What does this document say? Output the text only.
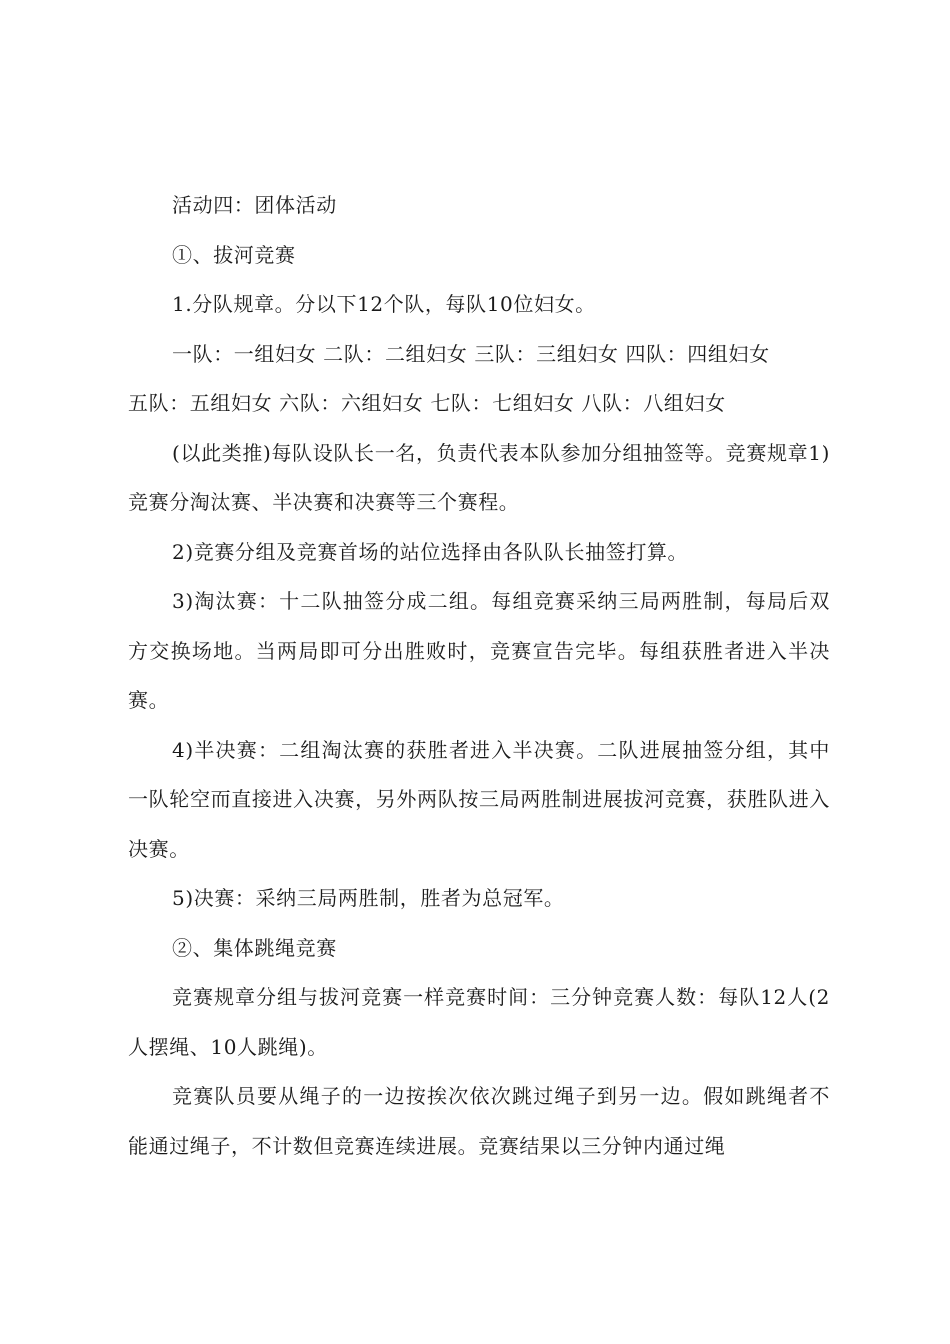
活动四：团体活动

①、拔河竞赛

1.分队规章。分以下12个队，每队10位妇女。

一队：一组妇女 二队：二组妇女 三队：三组妇女 四队：四组妇女

五队：五组妇女 六队：六组妇女 七队：七组妇女 八队：八组妇女

(以此类推)每队设队长一名，负责代表本队参加分组抽签等。竞赛规章1)竞赛分淘汰赛、半决赛和决赛等三个赛程。

2)竞赛分组及竞赛首场的站位选择由各队队长抽签打算。

3)淘汰赛：十二队抽签分成二组。每组竞赛采纳三局两胜制，每局后双方交换场地。当两局即可分出胜败时，竞赛宣告完毕。每组获胜者进入半决赛。

4)半决赛：二组淘汰赛的获胜者进入半决赛。二队进展抽签分组，其中一队轮空而直接进入决赛，另外两队按三局两胜制进展拔河竞赛，获胜队进入决赛。

5)决赛：采纳三局两胜制，胜者为总冠军。

②、集体跳绳竞赛

竞赛规章分组与拔河竞赛一样竞赛时间：三分钟竞赛人数：每队12人(2人摆绳、10人跳绳)。

竞赛队员要从绳子的一边按挨次依次跳过绳子到另一边。假如跳绳者不能通过绳子，不计数但竞赛连续进展。竞赛结果以三分钟内通过绳
